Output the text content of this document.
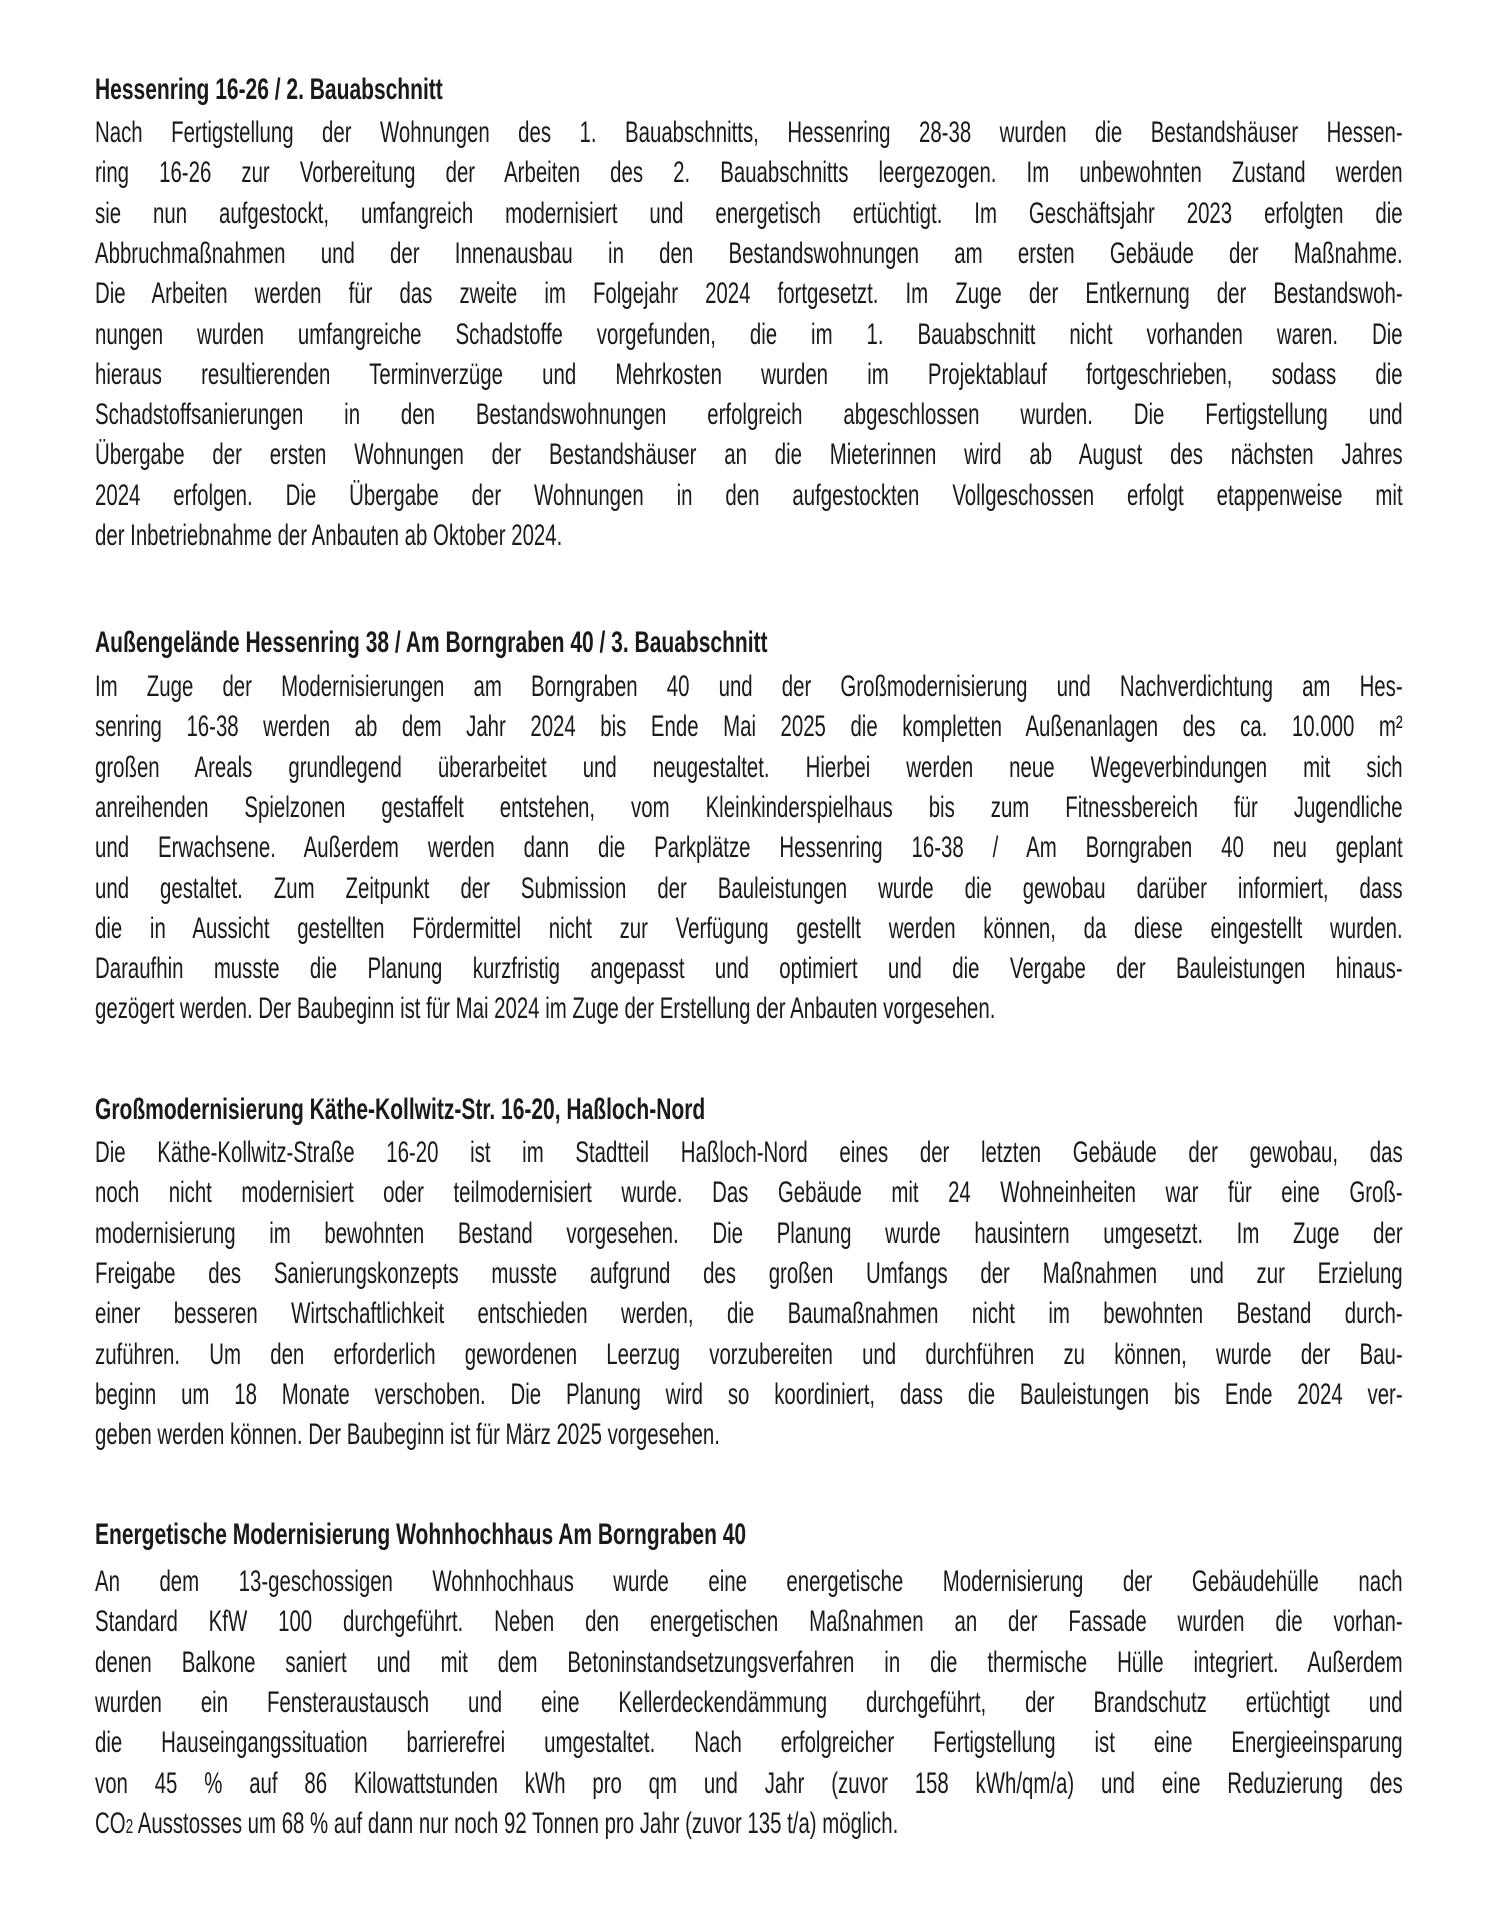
Hessenring 16-26 / 2. Bauabschnitt
Nach Fertigstellung der Wohnungen des 1. Bauabschnitts, Hessenring 28-38 wurden die Bestandshäuser Hessen-
ring 16-26 zur Vorbereitung der Arbeiten des 2. Bauabschnitts leergezogen. Im unbewohnten Zustand werden
sie nun aufgestockt, umfangreich modernisiert und energetisch ertüchtigt. Im Geschäftsjahr 2023 erfolgten die
Abbruchmaßnahmen und der Innenausbau in den Bestandswohnungen am ersten Gebäude der Maßnahme.
Die Arbeiten werden für das zweite im Folgejahr 2024 fortgesetzt. Im Zuge der Entkernung der Bestandswoh-
nungen wurden umfangreiche Schadstoffe vorgefunden, die im 1. Bauabschnitt nicht vorhanden waren. Die
hieraus resultierenden Terminverzüge und Mehrkosten wurden im Projektablauf fortgeschrieben, sodass die
Schadstoffsanierungen in den Bestandswohnungen erfolgreich abgeschlossen wurden. Die Fertigstellung und
Übergabe der ersten Wohnungen der Bestandshäuser an die Mieterinnen wird ab August des nächsten Jahres
2024 erfolgen. Die Übergabe der Wohnungen in den aufgestockten Vollgeschossen erfolgt etappenweise mit
der Inbetriebnahme der Anbauten ab Oktober 2024.
Außengelände Hessenring 38 / Am Borngraben 40 / 3. Bauabschnitt
Im Zuge der Modernisierungen am Borngraben 40 und der Großmodernisierung und Nachverdichtung am Hes-
senring 16-38 werden ab dem Jahr 2024 bis Ende Mai 2025 die kompletten Außenanlagen des ca. 10.000 m²
großen Areals grundlegend überarbeitet und neugestaltet. Hierbei werden neue Wegeverbindungen mit sich
anreihenden Spielzonen gestaffelt entstehen, vom Kleinkinderspielhaus bis zum Fitnessbereich für Jugendliche
und Erwachsene. Außerdem werden dann die Parkplätze Hessenring 16-38 / Am Borngraben 40 neu geplant
und gestaltet. Zum Zeitpunkt der Submission der Bauleistungen wurde die gewobau darüber informiert, dass
die in Aussicht gestellten Fördermittel nicht zur Verfügung gestellt werden können, da diese eingestellt wurden.
Daraufhin musste die Planung kurzfristig angepasst und optimiert und die Vergabe der Bauleistungen hinaus-
gezögert werden. Der Baubeginn ist für Mai 2024 im Zuge der Erstellung der Anbauten vorgesehen.
Großmodernisierung Käthe-Kollwitz-Str. 16-20, Haßloch-Nord
Die Käthe-Kollwitz-Straße 16-20 ist im Stadtteil Haßloch-Nord eines der letzten Gebäude der gewobau, das
noch nicht modernisiert oder teilmodernisiert wurde. Das Gebäude mit 24 Wohneinheiten war für eine Groß-
modernisierung im bewohnten Bestand vorgesehen. Die Planung wurde hausintern umgesetzt. Im Zuge der
Freigabe des Sanierungskonzepts musste aufgrund des großen Umfangs der Maßnahmen und zur Erzielung
einer besseren Wirtschaftlichkeit entschieden werden, die Baumaßnahmen nicht im bewohnten Bestand durch-
zuführen. Um den erforderlich gewordenen Leerzug vorzubereiten und durchführen zu können, wurde der Bau-
beginn um 18 Monate verschoben. Die Planung wird so koordiniert, dass die Bauleistungen bis Ende 2024 ver-
geben werden können. Der Baubeginn ist für März 2025 vorgesehen.
Energetische Modernisierung Wohnhochhaus Am Borngraben 40
An dem 13-geschossigen Wohnhochhaus wurde eine energetische Modernisierung der Gebäudehülle nach
Standard KfW 100 durchgeführt. Neben den energetischen Maßnahmen an der Fassade wurden die vorhan-
denen Balkone saniert und mit dem Betoninstandsetzungsverfahren in die thermische Hülle integriert. Außerdem
wurden ein Fensteraustausch und eine Kellerdeckendämmung durchgeführt, der Brandschutz ertüchtigt und
die Hauseingangssituation barrierefrei umgestaltet. Nach erfolgreicher Fertigstellung ist eine Energieeinsparung
von 45 % auf 86 Kilowattstunden kWh pro qm und Jahr (zuvor 158 kWh/qm/a) und eine Reduzierung des
CO2 Ausstosses um 68 % auf dann nur noch 92 Tonnen pro Jahr (zuvor 135 t/a) möglich.
